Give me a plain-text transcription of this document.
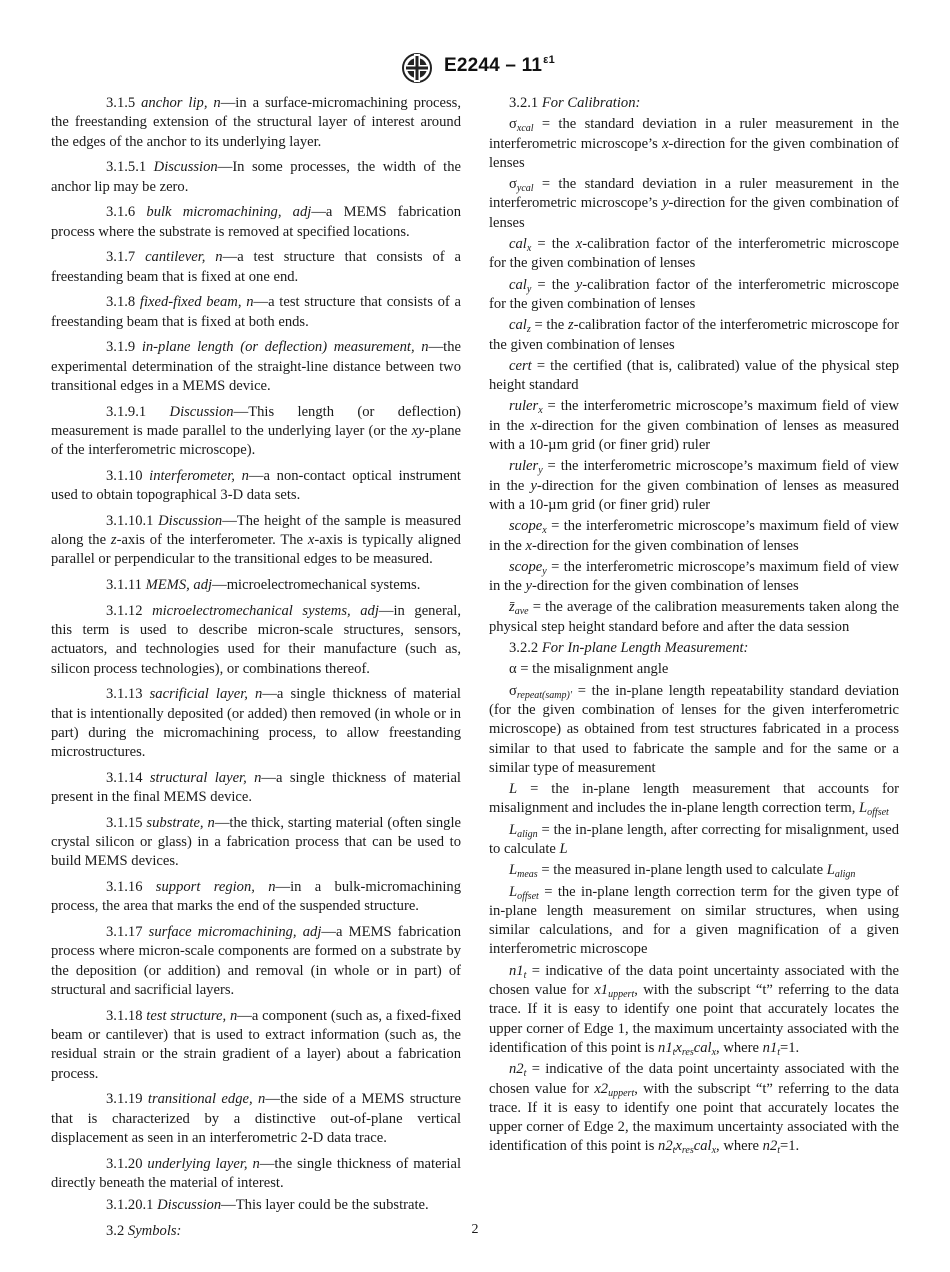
$E2244 - 11^{\varepsilon 1}$

3.1.5 anchor lip, n—in a surface-micromachining process, the freestanding extension of the structural layer of interest around the edges of the anchor to its underlying layer.

3.1.5.1 Discussion—In some processes, the width of the anchor lip may be zero.

3.1.6 bulk micromachining, adj—a MEMS fabrication process where the substrate is removed at specified locations.

3.1.7 cantilever, n—a test structure that consists of a freestanding beam that is fixed at one end.

3.1.8 fixed-fixed beam, n—a test structure that consists of a freestanding beam that is fixed at both ends.

3.1.9 in-plane length (or deflection) measurement, n—the experimental determination of the straight-line distance between two transitional edges in a MEMS device.

3.1.9.1 Discussion—This length (or deflection) measurement is made parallel to the underlying layer (or the xy-plane of the interferometric microscope).

3.1.10 interferometer, n—a non-contact optical instrument used to obtain topographical 3-D data sets.

3.1.10.1 Discussion—The height of the sample is measured along the z-axis of the interferometer. The x-axis is typically aligned parallel or perpendicular to the transitional edges to be measured.

3.1.11 MEMS, adj—microelectromechanical systems.

3.1.12 microelectromechanical systems, adj—in general, this term is used to describe micron-scale structures, sensors, actuators, and technologies used for their manufacture (such as, silicon process technologies), or combinations thereof.

3.1.13 sacrificial layer, n—a single thickness of material that is intentionally deposited (or added) then removed (in whole or in part) during the micromachining process, to allow freestanding microstructures.

3.1.14 structural layer, n—a single thickness of material present in the final MEMS device.

3.1.15 substrate, n—the thick, starting material (often single crystal silicon or glass) in a fabrication process that can be used to build MEMS devices.

3.1.16 support region, n—in a bulk-micromachining process, the area that marks the end of the suspended structure.

3.1.17 surface micromachining, adj—a MEMS fabrication process where micron-scale components are formed on a substrate by the deposition (or addition) and removal (in whole or in part) of structural and sacrificial layers.

3.1.18 test structure, n—a component (such as, a fixed-fixed beam or cantilever) that is used to extract information (such as, the residual strain or the strain gradient of a layer) about a fabrication process.

3.1.19 transitional edge, n—the side of a MEMS structure that is characterized by a distinctive out-of-plane vertical displacement as seen in an interferometric 2-D data trace.

3.1.20 underlying layer, n—the single thickness of material directly beneath the material of interest.

3.1.20.1 Discussion—This layer could be the substrate.

3.2 Symbols:

3.2.1 For Calibration:

$\sigma_{xcal}$ = the standard deviation in a ruler measurement in the interferometric microscope’s x-direction for the given combination of lenses

$\sigma_{ycal}$ = the standard deviation in a ruler measurement in the interferometric microscope’s y-direction for the given combination of lenses

cal$_x$ = the x-calibration factor of the interferometric microscope for the given combination of lenses

cal$_y$ = the y-calibration factor of the interferometric microscope for the given combination of lenses

cal$_z$ = the z-calibration factor of the interferometric microscope for the given combination of lenses

cert = the certified (that is, calibrated) value of the physical step height standard

ruler$_x$ = the interferometric microscope’s maximum field of view in the x-direction for the given combination of lenses as measured with a 10-µm grid (or finer grid) ruler

ruler$_y$ = the interferometric microscope’s maximum field of view in the y-direction for the given combination of lenses as measured with a 10-µm grid (or finer grid) ruler

scope$_x$ = the interferometric microscope’s maximum field of view in the x-direction for the given combination of lenses

scope$_y$ = the interferometric microscope’s maximum field of view in the y-direction for the given combination of lenses

$z̄_{ave}$ = the average of the calibration measurements taken along the physical step height standard before and after the data session

3.2.2 For In-plane Length Measurement:

α = the misalignment angle

$\sigma_{repeat(samp)'}$ = the in-plane length repeatability standard deviation (for the given combination of lenses for the given interferometric microscope) as obtained from test structures fabricated in a process similar to that used to fabricate the sample and for the same or a similar type of measurement

L = the in-plane length measurement that accounts for misalignment and includes the in-plane length correction term, $L_{offset}$

$L_{align}$ = the in-plane length, after correcting for misalignment, used to calculate L

$L_{meas}$ = the measured in-plane length used to calculate $L_{align}$

$L_{offset}$ = the in-plane length correction term for the given type of in-plane length measurement on similar structures, when using similar calculations, and for a given magnification of a given interferometric microscope

$n1_t$ = indicative of the data point uncertainty associated with the chosen value for $x1_{uppert}$, with the subscript “t” referring to the data trace. If it is easy to identify one point that accurately locates the upper corner of Edge 1, the maximum uncertainty associated with the identification of this point is $n1_tx_{res}cal_x$, where $n1_t=1$.

$n2_t$ = indicative of the data point uncertainty associated with the chosen value for $x2_{uppert}$, with the subscript “t” referring to the data trace. If it is easy to identify one point that accurately locates the upper corner of Edge 2, the maximum uncertainty associated with the identification of this point is $n2_tx_{res}cal_x$, where $n2_t=1$.

2
